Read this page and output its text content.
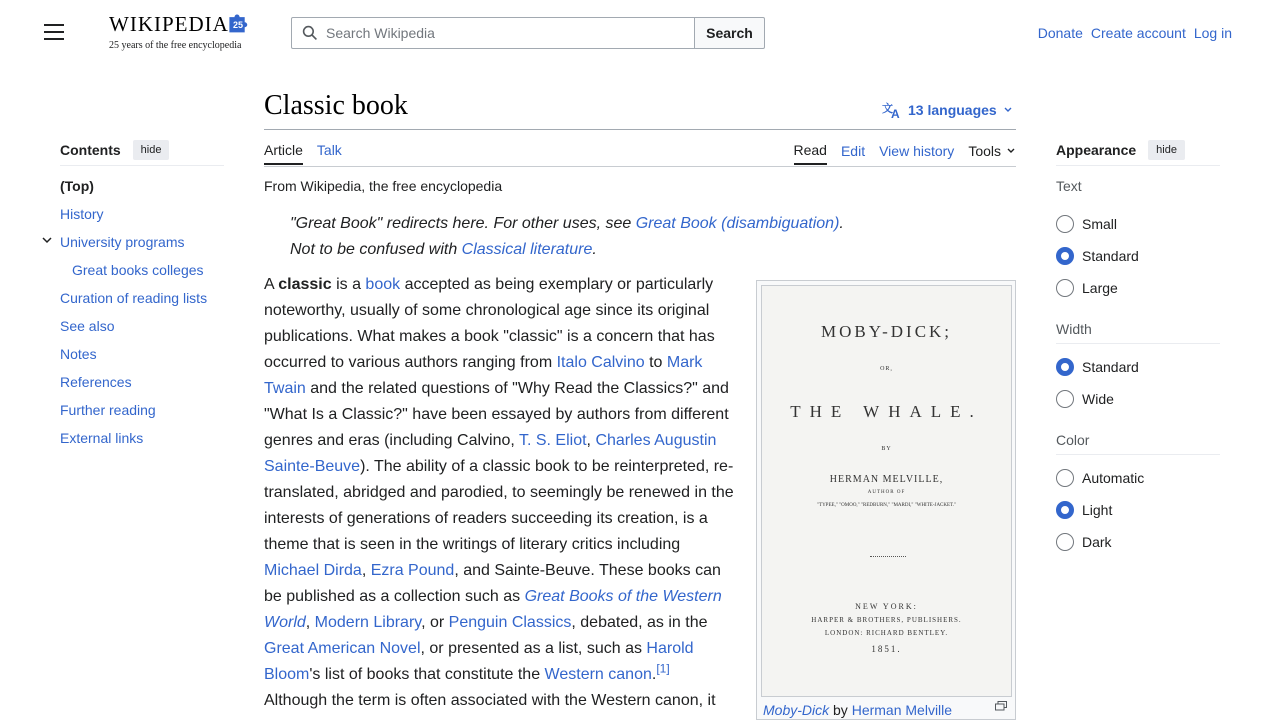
WIKIPEDIA 25
25 years of the free encyclopedia
Search Wikipedia
Search	Donate Create account Log in
Contents	hide
(Top)
History
University programs
Great books colleges
Curation of reading lists
See also
Notes
References
Further reading
External links
Classic book	文
A 13 languages
Article Talk	Read Edit View history Tools
From Wikipedia, the free encyclopedia
"Great Book" redirects here. For other uses, see Great Book (disambiguation).
Not to be confused with Classical literature.

A classic is a book accepted as being exemplary or particularly noteworthy, usually of some chronological age since its original publications. What makes a book "classic" is a concern that has occurred to various authors ranging from Italo Calvino to Mark Twain and the related questions of "Why Read the Classics?" and "What Is a Classic?" have been essayed by authors from different genres and eras (including Calvino, T. S. Eliot, Charles Augustin Sainte-Beuve). The ability of a classic book to be reinterpreted, re-translated, abridged and parodied, to seemingly be renewed in the interests of generations of readers succeeding its creation, is a theme that is seen in the writings of literary critics including Michael Dirda, Ezra Pound, and Sainte-Beuve. These books can be published as a collection such as Great Books of the Western World, Modern Library, or Penguin Classics, debated, as in the Great American Novel, or presented as a list, such as Harold Bloom's list of books that constitute the Western canon.[1]

Although the term is often associated with the Western canon, it

MOBY-DICK;
OR,
THE WHALE.
BY
HERMAN MELVILLE,
AUTHOR OF
"TYPEE," "OMOO," "REDBURN," "MARDI," "WHITE-JACKET."
NEW YORK:
HARPER & BROTHERS, PUBLISHERS.
LONDON: RICHARD BENTLEY.
1851.
Moby-Dick by Herman Melville
Appearance	hide
Text
Small
Standard
Large
Width
Standard
Wide
Color
Automatic
Light
Dark
